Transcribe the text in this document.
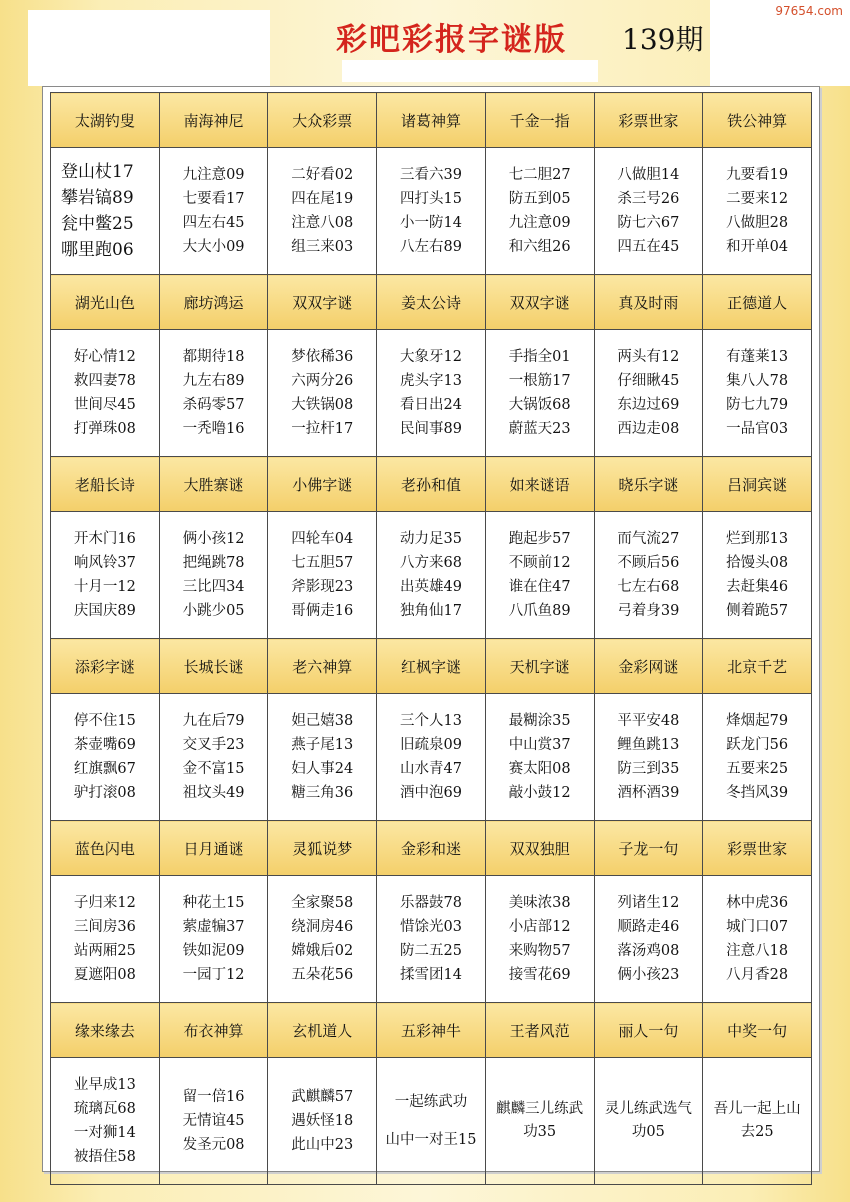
97654.com
彩吧彩报字谜版 139期
太湖钓叟	南海神尼	大众彩票	诸葛神算	千金一指	彩票世家	铁公神算

登山杖17
攀岩镐89
瓮中鳖25
哪里跑06	九注意09
七要看17
四左右45
大大小09	二好看02
四在尾19
注意八08
组三来03	三看六39
四打头15
小一防14
八左右89	七二胆27
防五到05
九注意09
和六组26	八做胆14
杀三号26
防七六67
四五在45	九要看19
二要来12
八做胆28
和开单04

湖光山色	廊坊鸿运	双双字谜	姜太公诗	双双字谜	真及时雨	正德道人

好心情12
救四妻78
世间尽45
打弹珠08	都期待18
九左右89
杀码零57
一秃噜16	梦依稀36
六两分26
大铁锅08
一拉杆17	大象牙12
虎头字13
看日出24
民间事89	手指全01
一根筋17
大锅饭68
蔚蓝天23	两头有12
仔细瞅45
东边过69
西边走08	有蓬莱13
集八人78
防七九79
一品官03

老船长诗	大胜寨谜	小佛字谜	老孙和值	如来谜语	晓乐字谜	吕洞宾谜

开木门16
响风铃37
十月一12
庆国庆89	俩小孩12
把绳跳78
三比四34
小跳少05	四轮车04
七五胆57
斧影现23
哥俩走16	动力足35
八方来68
出英雄49
独角仙17	跑起步57
不顾前12
谁在住47
八爪鱼89	而气流27
不顾后56
七左右68
弓着身39	烂到那13
拾馒头08
去赶集46
侧着跪57

添彩字谜	长城长谜	老六神算	红枫字谜	天机字谜	金彩网谜	北京千艺

停不住15
茶壶嘴69
红旗飘67
驴打滚08	九在后79
交叉手23
金不富15
祖坟头49	妲己嬉38
燕子尾13
妇人事24
糖三角36	三个人13
旧疏泉09
山水青47
酒中泡69	最糊涂35
中山赏37
赛太阳08
敲小鼓12	平平安48
鲤鱼跳13
防三到35
酒杯酒39	烽烟起79
跃龙门56
五要来25
冬挡风39

蓝色闪电	日月通谜	灵狐说梦	金彩和迷	双双独胆	子龙一句	彩票世家

子归来12
三间房36
站两厢25
夏遮阳08	种花土15
萦虚犏37
铁如泥09
一园丁12	全家聚58
绕洞房46
嫦娥后02
五朵花56	乐器鼓78
惜馀光03
防二五25
揉雪团14	美味浓38
小店部12
来购物57
接雪花69	列诸生12
顺路走46
落汤鸡08
俩小孩23	林中虎36
城门口07
注意八18
八月香28

缘来缘去	布衣神算	玄机道人	五彩神牛	王者风范	丽人一句	中奖一句

业早成13
琉璃瓦68
一对狮14
被捂住58	留一倍16
无情谊45
发圣元08	武麒麟57
遇妖怪18
此山中23	一起练武功
山中一对王15	麒麟三儿练武功35	灵儿练武选气功05	吾儿一起上山去25
